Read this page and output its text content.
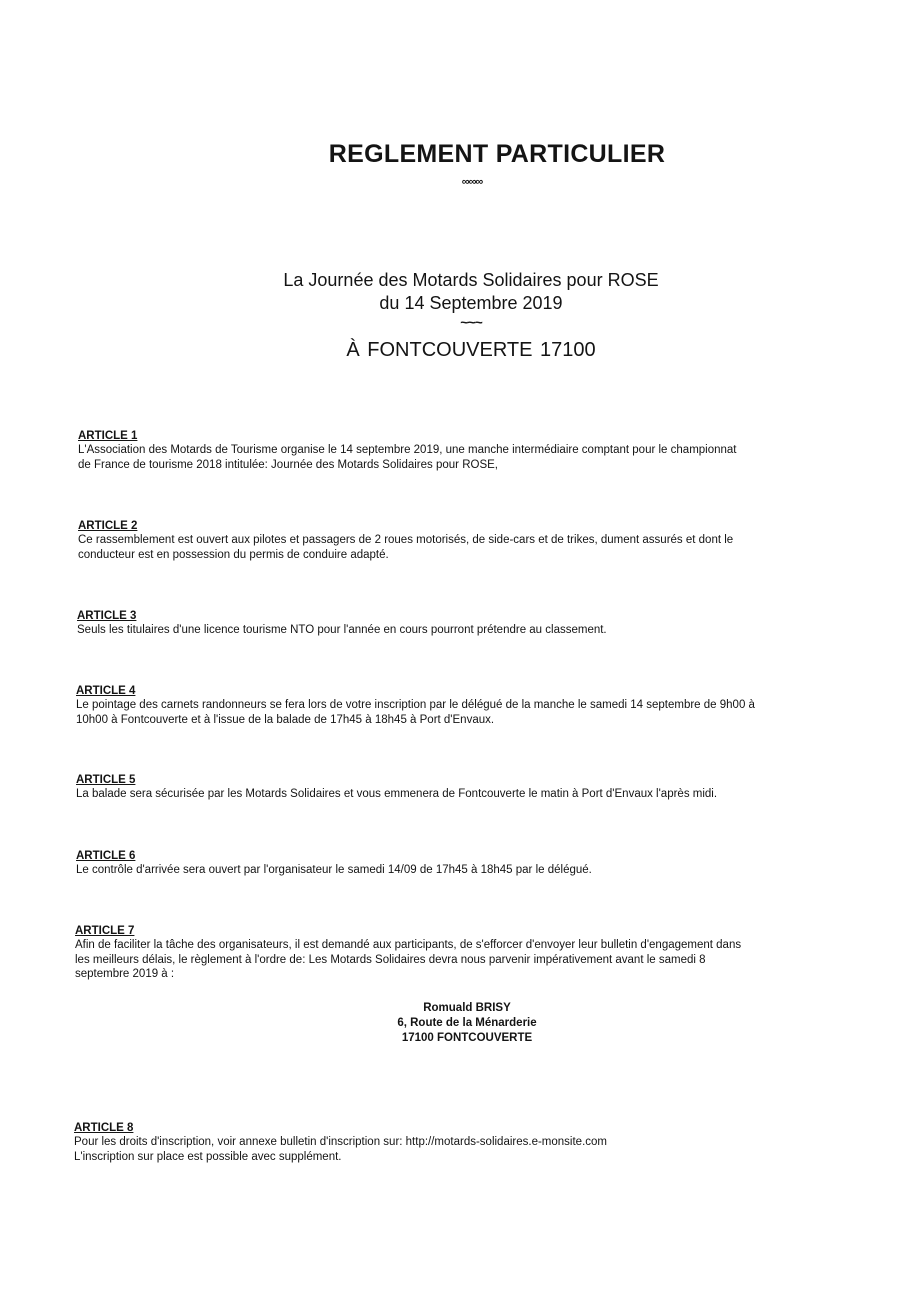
REGLEMENT PARTICULIER
∞∞∞
La Journée des Motards Solidaires pour ROSE
du 14 Septembre 2019
~~~
À FONTCOUVERTE 17100
ARTICLE 1

L'Association des Motards de Tourisme organise le 14 septembre 2019, une manche intermédiaire comptant pour le championnat

de France de tourisme 2018 intitulée: Journée des Motards Solidaires pour ROSE,

ARTICLE 2

Ce rassemblement est ouvert aux pilotes et passagers de 2 roues motorisés, de side-cars et de trikes, dument assurés et dont le

conducteur est en possession du permis de conduire adapté.

ARTICLE 3

Seuls les titulaires d'une licence tourisme NTO pour l'année en cours pourront prétendre au classement.

ARTICLE 4

Le pointage des carnets randonneurs se fera lors de votre inscription par le délégué de la manche le samedi 14 septembre de 9h00 à

10h00 à Fontcouverte et à l'issue de la balade de 17h45 à 18h45 à Port d'Envaux.

ARTICLE 5

La balade sera sécurisée par les Motards Solidaires et vous emmenera de Fontcouverte le matin à Port d'Envaux l'après midi.

ARTICLE 6

Le contrôle d'arrivée sera ouvert par l'organisateur le samedi 14/09 de 17h45 à 18h45 par le délégué.

ARTICLE 7

Afin de faciliter la tâche des organisateurs, il est demandé aux participants, de s'efforcer d'envoyer leur bulletin d'engagement dans

les meilleurs délais, le règlement à l'ordre de: Les Motards Solidaires devra nous parvenir impérativement avant le samedi 8

septembre 2019 à :

Romuald BRISY
6, Route de la Ménarderie
17100 FONTCOUVERTE
ARTICLE 8

Pour les droits d'inscription, voir annexe bulletin d'inscription sur: http://motards-solidaires.e-monsite.com

L'inscription sur place est possible avec supplément.
